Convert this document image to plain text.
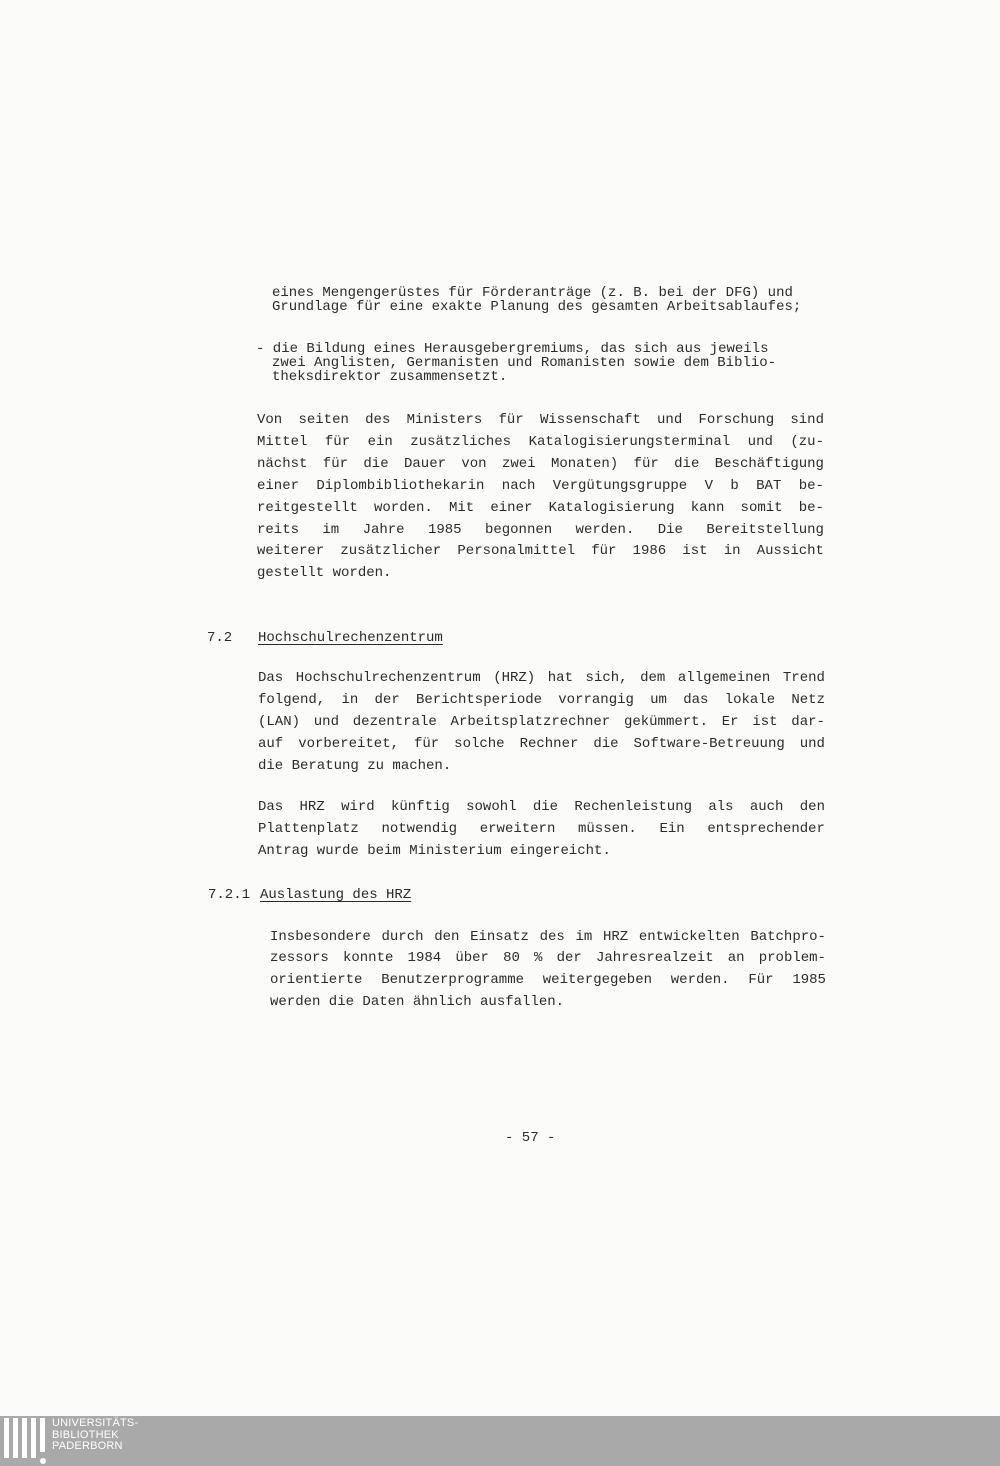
eines Mengengerüstes für Förderanträge (z. B. bei der DFG) und
Grundlage für eine exakte Planung des gesamten Arbeitsablaufes;
- die Bildung eines Herausgebergremiums, das sich aus jeweils
zwei Anglisten, Germanisten und Romanisten sowie dem Biblio-
theksdirektor zusammensetzt.
Von seiten des Ministers für Wissenschaft und Forschung sind
Mittel für ein zusätzliches Katalogisierungsterminal und (zu-
nächst für die Dauer von zwei Monaten) für die Beschäftigung
einer Diplombibliothekarin nach Vergütungsgruppe V b BAT be-
reitgestellt worden. Mit einer Katalogisierung kann somit be-
reits im Jahre 1985 begonnen werden. Die Bereitstellung
weiterer zusätzlicher Personalmittel für 1986 ist in Aussicht
gestellt worden.
7.2 Hochschulrechenzentrum
Das Hochschulrechenzentrum (HRZ) hat sich, dem allgemeinen Trend
folgend, in der Berichtsperiode vorrangig um das lokale Netz
(LAN) und dezentrale Arbeitsplatzrechner gekümmert. Er ist dar-
auf vorbereitet, für solche Rechner die Software-Betreuung und
die Beratung zu machen.
Das HRZ wird künftig sowohl die Rechenleistung als auch den
Plattenplatz notwendig erweitern müssen. Ein entsprechender
Antrag wurde beim Ministerium eingereicht.
7.2.1 Auslastung des HRZ
Insbesondere durch den Einsatz des im HRZ entwickelten Batchpro-
zessors konnte 1984 über 80 % der Jahresrealzeit an problem-
orientierte Benutzerprogramme weitergegeben werden. Für 1985
werden die Daten ähnlich ausfallen.
- 57 -
UNIVERSITÄTS-
BIBLIOTHEK
PADERBORN
